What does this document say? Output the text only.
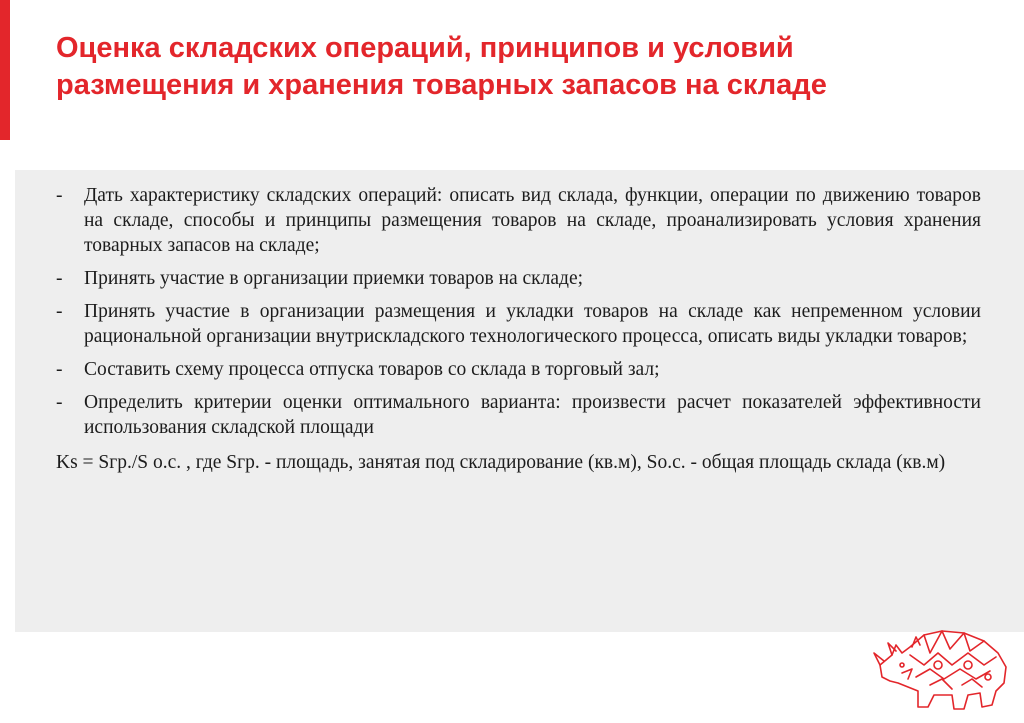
Оценка складских операций, принципов и условий
размещения и хранения товарных запасов на складе
- Дать характеристику складских операций: описать вид склада, функции, операции по движению товаров на складе, способы и принципы размещения товаров на складе, проанализировать условия хранения товарных запасов на складе;
- Принять участие в организации приемки товаров на складе;
- Принять участие в организации размещения и укладки товаров на складе как непременном условии рациональной организации внутрискладского технологического процесса, описать виды укладки товаров;
- Составить схему процесса отпуска товаров со склада в торговый зал;
- Определить критерии оценки оптимального варианта: произвести расчет показателей эффективности использования складской площади
Ks = Sгр./S о.с. , где Sгр. - площадь, занятая под складирование (кв.м), So.c. - общая площадь склада (кв.м)
